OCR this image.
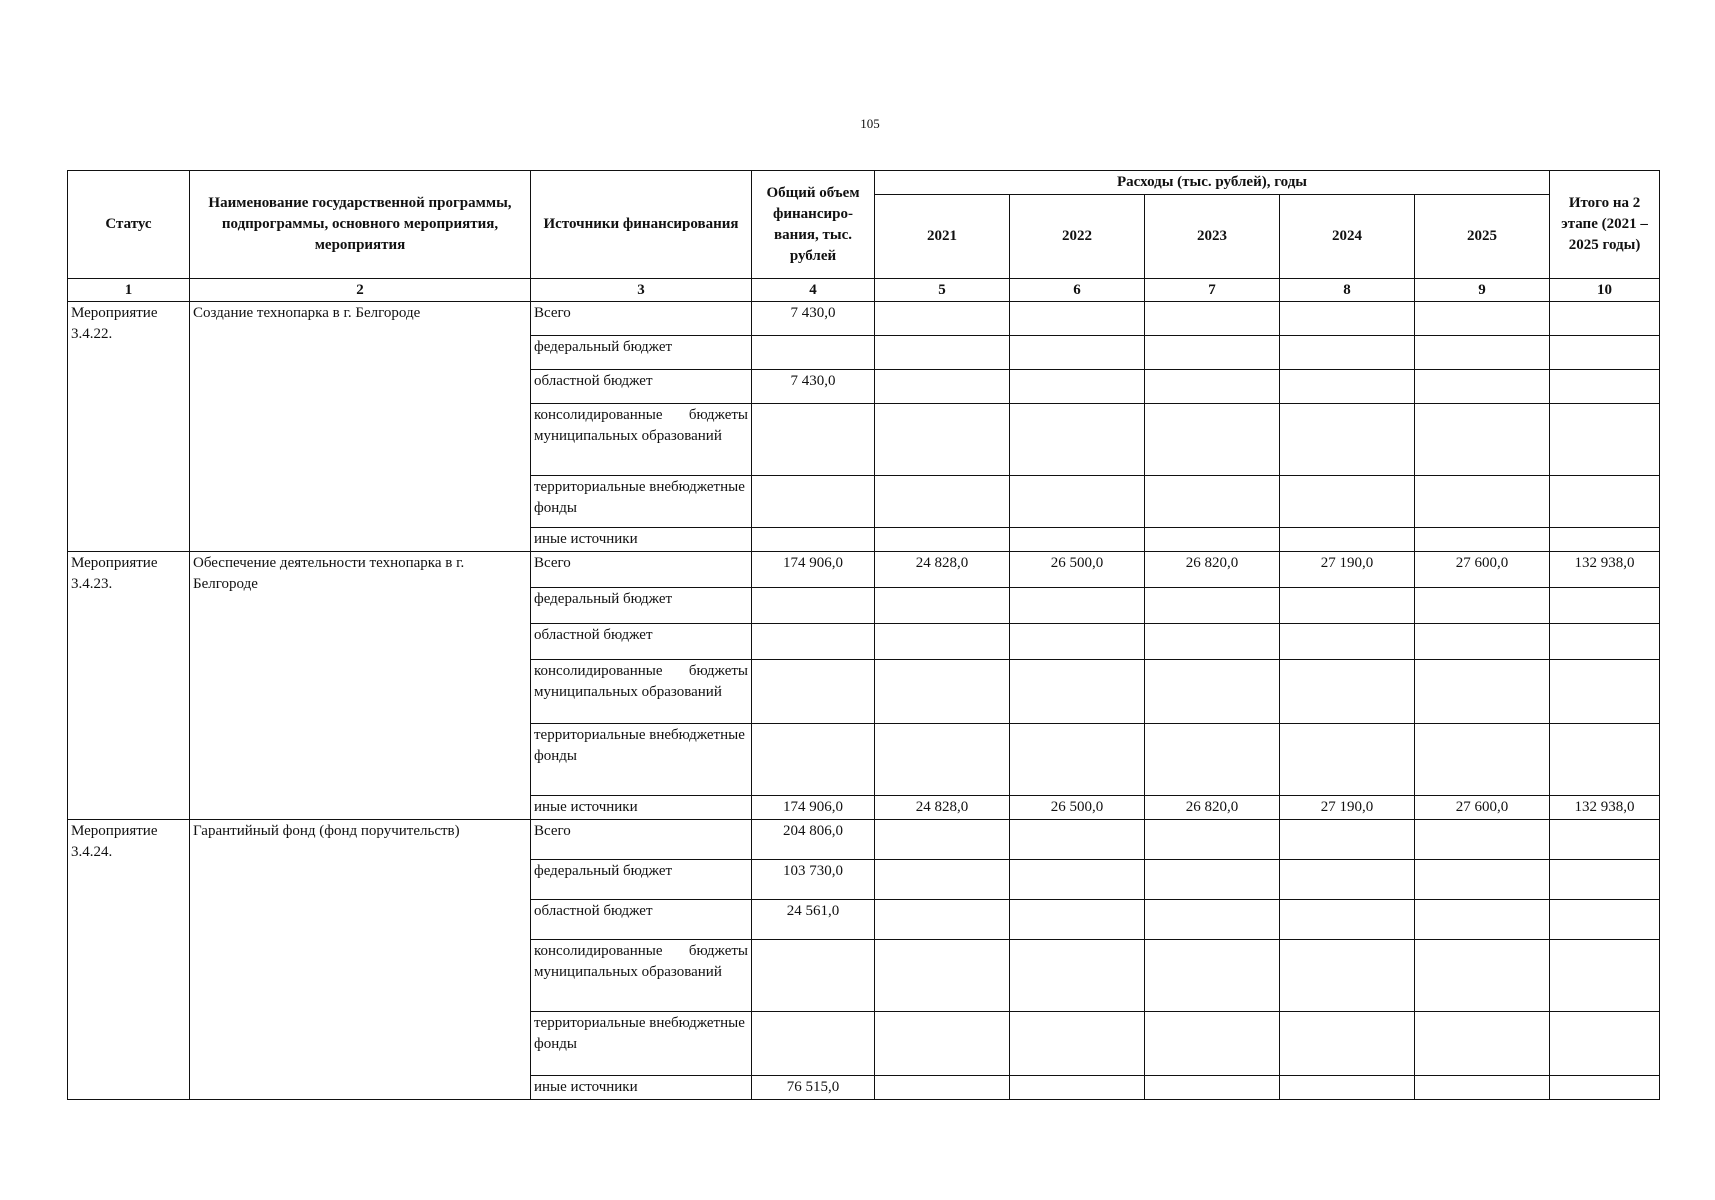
105
Статус	Наименование государственной программы, подпрограммы, основного мероприятия, мероприятия	Источники финансирования	Общий объем финансиро-вания, тыс. рублей	Расходы (тыс. рублей), годы					Итого на 2 этапе (2021 – 2025 годы)
				2021	2022	2023	2024	2025	
1	2	3	4	5	6	7	8	9	10
Мероприятие 3.4.22.	Создание технопарка в г. Белгороде	Всего	7 430,0						
		федеральный бюджет							
		областной бюджет	7 430,0						
		консолидированные бюджеты муниципальных образований							
		территориальные внебюджетные фонды							
		иные источники							
Мероприятие 3.4.23.	Обеспечение деятельности технопарка в г. Белгороде	Всего	174 906,0	24 828,0	26 500,0	26 820,0	27 190,0	27 600,0	132 938,0
		федеральный бюджет							
		областной бюджет							
		консолидированные бюджеты муниципальных образований							
		территориальные внебюджетные фонды							
		иные источники	174 906,0	24 828,0	26 500,0	26 820,0	27 190,0	27 600,0	132 938,0
Мероприятие 3.4.24.	Гарантийный фонд (фонд поручительств)	Всего	204 806,0						
		федеральный бюджет	103 730,0						
		областной бюджет	24 561,0						
		консолидированные бюджеты муниципальных образований							
		территориальные внебюджетные фонды							
		иные источники	76 515,0						
